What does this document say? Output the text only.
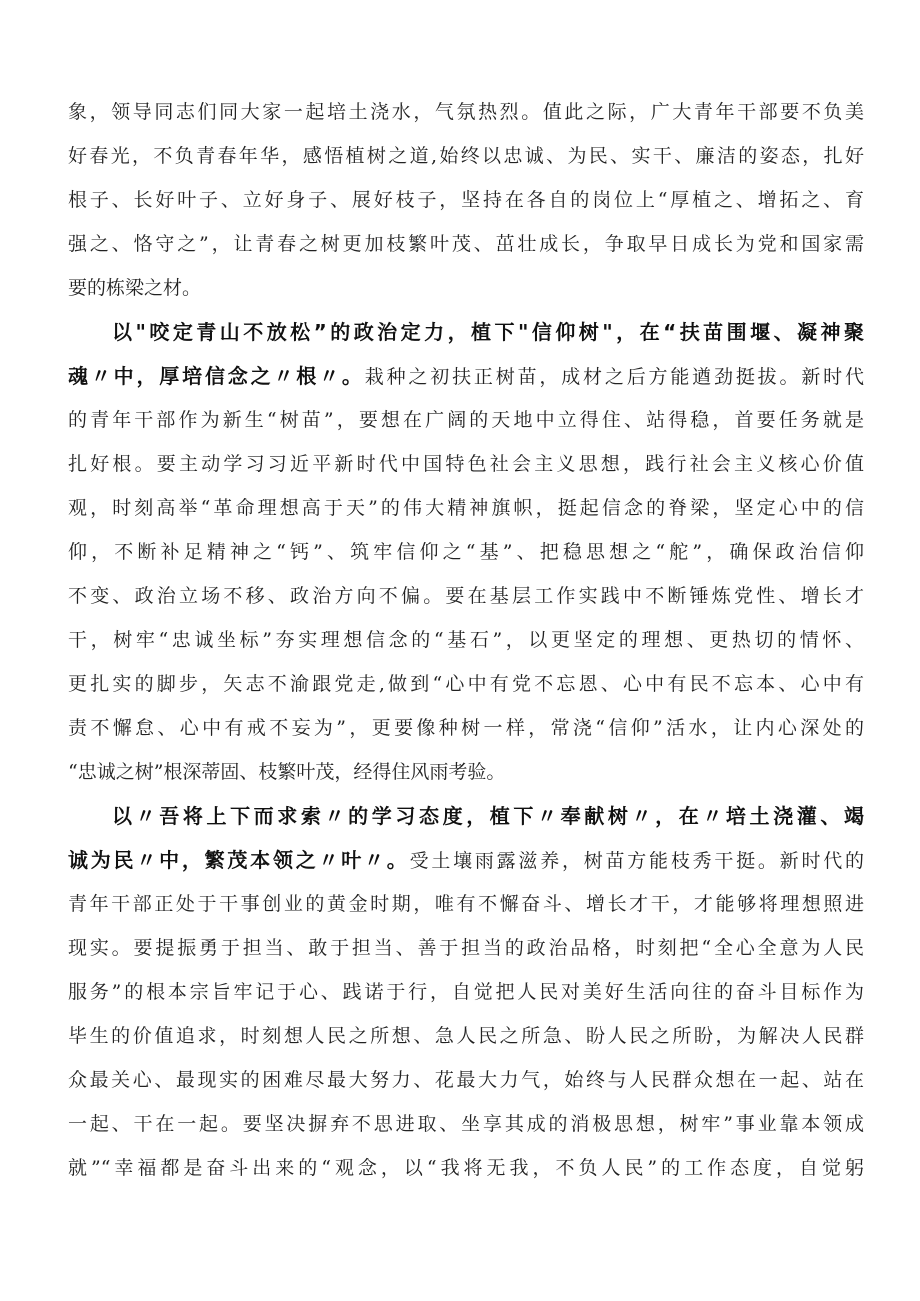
象，领导同志们同大家一起培土浇水，气氛热烈。值此之际，广大青年干部要不负美
好春光，不负青春年华，感悟植树之道,始终以忠诚、为民、实干、廉洁的姿态，扎好
根子、长好叶子、立好身子、展好枝子，坚持在各自的岗位上“厚植之、增拓之、育
强之、恪守之”，让青春之树更加枝繁叶茂、茁壮成长，争取早日成长为党和国家需
要的栋梁之材。
以"咬定青山不放松”的政治定力，植下"信仰树"，在“扶苗围堰、凝神聚
魂〃中，厚培信念之〃根〃。栽种之初扶正树苗，成材之后方能遒劲挺拔。新时代
的青年干部作为新生“树苗”，要想在广阔的天地中立得住、站得稳，首要任务就是
扎好根。要主动学习习近平新时代中国特色社会主义思想，践行社会主义核心价值
观，时刻高举“革命理想高于天”的伟大精神旗帜，挺起信念的脊梁，坚定心中的信
仰，不断补足精神之“钙”、筑牢信仰之“基”、把稳思想之“舵”，确保政治信仰
不变、政治立场不移、政治方向不偏。要在基层工作实践中不断锤炼党性、增长才
干，树牢“忠诚坐标”夯实理想信念的“基石”，以更坚定的理想、更热切的情怀、
更扎实的脚步，矢志不渝跟党走,做到“心中有党不忘恩、心中有民不忘本、心中有
责不懈怠、心中有戒不妄为”，更要像种树一样，常浇“信仰”活水，让内心深处的
“忠诚之树”根深蒂固、枝繁叶茂，经得住风雨考验。
以〃吾将上下而求索〃的学习态度，植下〃奉献树〃，在〃培土浇灌、竭
诚为民〃中，繁茂本领之〃叶〃。受土壤雨露滋养，树苗方能枝秀干挺。新时代的
青年干部正处于干事创业的黄金时期，唯有不懈奋斗、增长才干，才能够将理想照进
现实。要提振勇于担当、敢于担当、善于担当的政治品格，时刻把“全心全意为人民
服务”的根本宗旨牢记于心、践诺于行，自觉把人民对美好生活向往的奋斗目标作为
毕生的价值追求，时刻想人民之所想、急人民之所急、盼人民之所盼，为解决人民群
众最关心、最现实的困难尽最大努力、花最大力气，始终与人民群众想在一起、站在
一起、干在一起。要坚决摒弃不思进取、坐享其成的消极思想，树牢”事业靠本领成
就”“幸福都是奋斗出来的“观念，以“我将无我，不负人民”的工作态度，自觉躬
